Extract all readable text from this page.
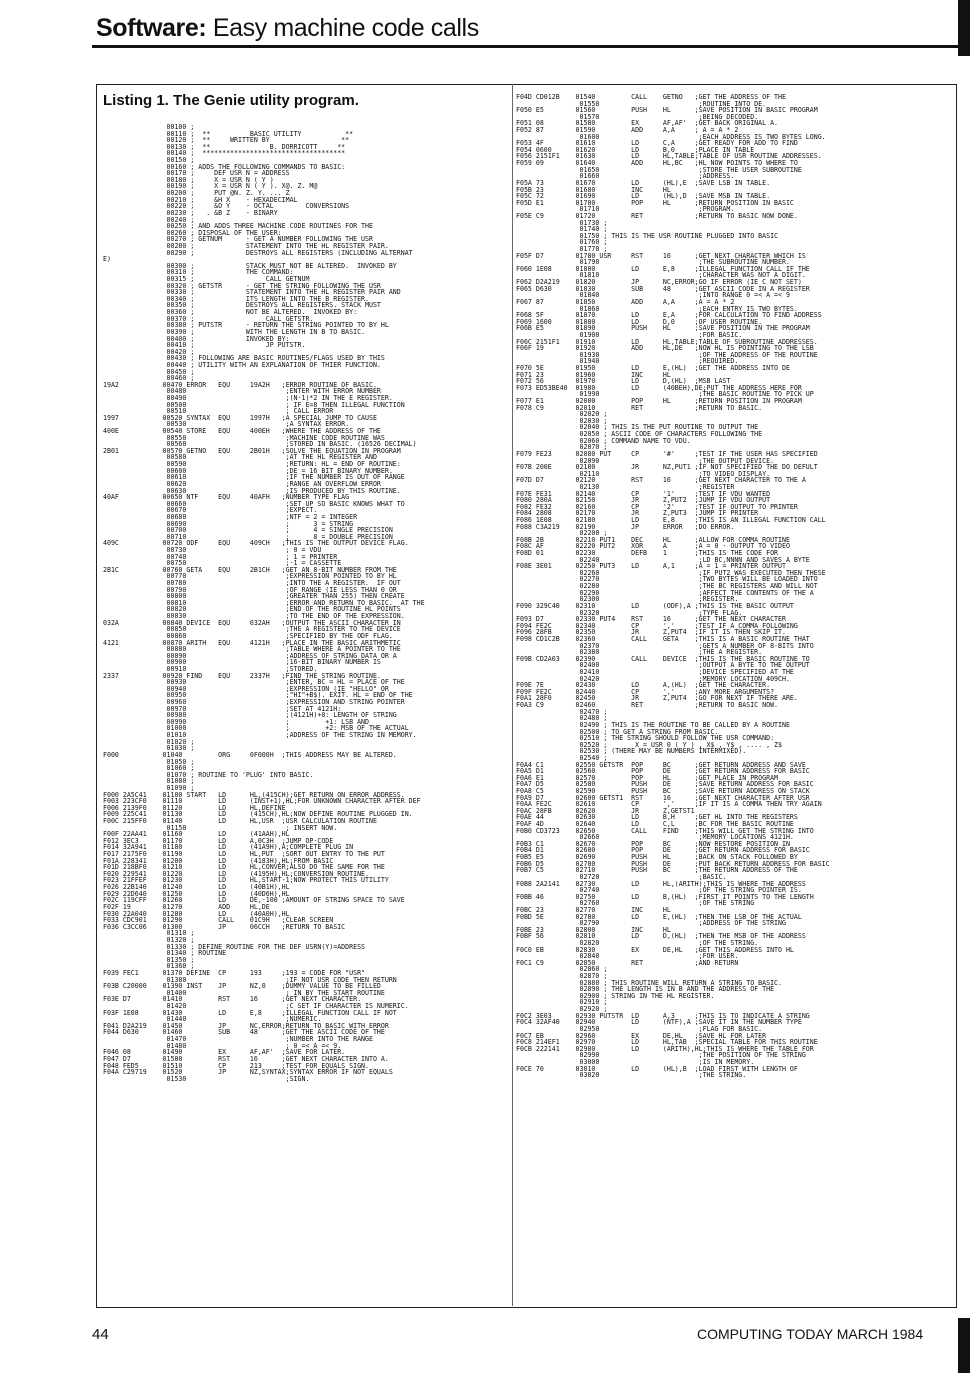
Software: Easy machine code calls
Listing 1. The Genie utility program.
00100 ;
00110 ;  **          BASIC UTILITY           **
00120 ;  **     WRITTEN BY                  **
00130 ;  **               B. DORRICOTT     **
00140 ;  ************************************
00150 ;
00160 ; ADDS THE FOLLOWING COMMANDS TO BASIC:
00170 ;     DEF USR N = ADDRESS
00180 ;     X = USR N ( Y )
00190 ;     X = USR N ( Y ). X@. Z. M@
00200 ;     PUT @N. Z. Y. ... Z
00210 ;     &H X    - HEXADECIMAL
00220 ;     &O Y    - OCTAL        CONVERSIONS
00230 ;   . &B Z    - BINARY
00240 ;
00250 ; AND ADDS THREE MACHINE CODE ROUTINES FOR THE
00260 ; DISPOSAL OF THE USER:
00270 ; GETNUM      - GET A NUMBER FOLLOWING THE USR
00280 ;             STATEMENT INTO THE HL REGISTER PAIR.
00290 ;             DESTROYS ALL REGISTERS (INCLUDING ALTERNAT
E)
00300 ;             STACK MUST NOT BE ALTERED.  INVOKED BY
00310 ;             THE COMMAND:
00315 ;                  CALL GETNUM
00320 ; GETSTR      - GET THE STRING FOLLOWING THE USR
00330 ;             STATEMENT INTO THE HL REGISTER PAIR AND
00340 ;             ITS LENGTH INTO THE B REGISTER.
00350 ;             DESTROYS ALL REGISTERS. STACK MUST
00360 ;             NOT BE ALTERED.  INVOKED BY:
00370 ;                  CALL GETSTR.
00380 ; PUTSTR      - RETURN THE STRING POINTED TO BY HL
00390 ;             WITH THE LENGTH IN B TO BASIC.
00400 ;             INVOKED BY:
00410 ;                  JP PUTSTR.
00420 ;
00430 ; FOLLOWING ARE BASIC ROUTINES/FLAGS USED BY THIS
00440 ; UTILITY WITH AN EXPLANATION OF THIER FUNCTION.
00450 ;
00460 ;
19A2           00470 ERROR   EQU     19A2H   ;ERROR ROUTINE OF BASIC.
00480                         ;ENTER WITH ERROR NUMBER
00490                         ;(N-1)*2 IN THE E REGISTER.
00500                         ; IF E=8 THEN ILLEGAL FUNCTION
00510                         ; CALL ERROR
1997           00520 SYNTAX  EQU     1997H   ;A SPECIAL JUMP TO CAUSE
00530                         ;A SYNTAX ERROR.
400E           00540 STORE   EQU     400EH   ;WHERE THE ADDRESS OF THE
00550                         ;MACHINE CODE ROUTINE WAS
00560                         ;STORED IN BASIC. (16526 DECIMAL)
2B01           00570 GETNO   EQU     2B01H   ;SOLVE THE EQUATION IN PROGRAM
00580                         ;AT THE HL REGISTER AND
00590                         ;RETURN: HL = END OF ROUTINE:
00600                         ;DE = 16 BIT BINARY NUMBER.
00610                         ;IF THE NUMBER IS OUT OF RANGE
00620                         ;RANGE AN OVERFLOW ERROR
00630                         ;IS PRODUCED BY THIS ROUTINE.
40AF           00650 NTF     EQU     40AFH   ;NUMBER TYPE FLAG
00660                         ;SET UP SO BASIC KNOWS WHAT TO
00670                         ;EXPECT.
00680                         ;NTF = 2 = INTEGER
00690                         ;      3 = STRING
00700                         ;      4 = SINGLE PRECISION
00710                         ;      8 = DOUBLE PRECISION
409C           00720 ODF     EQU     409CH   ;THIS IS THE OUTPUT DEVICE FLAG.
00730                         ; 0 = VDU
00740                         ; 1 = PRINTER
00750                         ;-1 = CASSETTE
2B1C           00760 GETA    EQU     2B1CH   ;GET AN 8-BIT NUMBER FROM THE
00770                         ;EXPRESSION POINTED TO BY HL
00780                         ;INTO THE A REGISTER.  IF OUT
00790                         ;OF RANGE (IE LESS THAN 0 OR
00800                         ;GREATER THAN 255) THEN CREATE
00810                         ;ERROR AND RETURN TO BASIC.  AT THE
00820                         ;END OF THE ROUTINE HL POINTS
00830                         ;TO THE END OF THE EXPRESSION.
032A           00840 DEVICE  EQU     032AH   ;OUTPUT THE ASCII CHARACTER IN
00850                         ;THE A REGISTER TO THE DEVICE
00860                         ;SPECIFIED BY THE ODF FLAG.
4121           00870 ARITH   EQU     4121H   ;PLACE IN THE BASIC ARITHMETIC
00880                         ;TABLE WHERE A POINTER TO THE
00890                         ;ADDRESS OF STRING DATA OR A
00900                         ;16-BIT BINARY NUMBER IS
00910                         ;STORED.
2337           00920 FIND    EQU     2337H   ;FIND THE STRING ROUTINE.
00930                         ;ENTER, BC = HL = PLACE OF THE
00940                         ;EXPRESSION (IE "HELLO" OR
00950                         ;"HI"+B$). EXIT. HL = END OF THE
00960                         ;EXPRESSION AND STRING POINTER
00970                         ;SET AT 4121H:
00980                         ;(4121H)+0: LENGTH OF STRING
00990                         ;         +1: LSB AND
01000                         ;         +2: MSB OF THE ACTUAL
01010                         ;ADDRESS OF THE STRING IN MEMORY.
01020 ;
01030 ;
F000           01040         ORG     0F000H  ;THIS ADDRESS MAY BE ALTERED.
01050 ;
01060 ;
01070 ; ROUTINE TO 'PLUG' INTO BASIC.
01080 ;
01090 ;
F000 2A5C41    01100 START   LD      HL,(415CH);GET RETURN ON ERROR ADDRESS.
F003 223CF0    01110         LD      (INST+1),HL;FOR UNKNOWN CHARACTER AFTER DEF
F006 2139F0    01120         LD      HL,DEFINE
F009 225C41    01130         LD      (415CH),HL;NOW DEFINE ROUTINE PLUGGED IN.
F00C 215FF0    01140         LD      HL,USR  ;USR CALCULATION ROUTINE
01150                         ; INSERT NOW.
F00F 22AA41    01160         LD      (41AAH),HL
F012 3EC3      01170         LD      A,0C3H  ;JUMP OP-CODE
F014 32A941    01180         LD      (41A9H),A;COMPLETE PLUG IN
F017 2175F0    01190         LD      HL,PUT  ;SORT OUT ENTRY TO THE PUT
F01A 228341    01200         LD      (4183H),HL;FROM BASIC
F01D 218BF0    01210         LD      HL,CONVER;ALSO DO THE SAME FOR THE
F020 229541    01220         LD      (4195H),HL;CONVERSION ROUTINE.
F023 21FFEF    01230         LD      HL,START-1;NOW PROTECT THIS UTILITY
F026 22B140    01240         LD      (40B1H),HL
F029 22D640    01250         LD      (40D6H),HL
F02C 119CFF    01260         LD      DE,-100 ;AMOUNT OF STRING SPACE TO SAVE
F02F 19        01270         ADD     HL,DE
F030 22A040    01280         LD      (40A0H),HL
F033 CDC901    01290         CALL    01C9H   ;CLEAR SCREEN
F036 C3CC06    01300         JP      06CCH   ;RETURN TO BASIC
01310 ;
01320 ;
01330 ; DEFINE ROUTINE FOR THE DEF USRN(Y)=ADDRESS
01340 ; ROUTINE
01350 ;
01360 ;
F039 FEC1      01370 DEFINE  CP      193     ;193 = CODE FOR "USR"
01380                         ;IF NOT USR CODE THEN RETURN
F03B C20000    01390 INST    JP      NZ,0    ;DUMMY VALUE TO BE FILLED
01400                         ; IN BY THE START ROUTINE
F03E D7        01410         RST     16      ;GET NEXT CHARACTER.
01420                         ;C SET IF CHARACTER IS NUMERIC.
F03F 1E08      01430         LD      E,8     ;ILLEGAL FUNCTION CALL IF NOT
01440                         ;NUMERIC.
F041 D2A219    01450         JP      NC,ERROR;RETURN TO BASIC WITH ERROR
F044 D630      01460         SUB     48      ;GET THE ASCII CODE OF THE
01470                         ;NUMBER INTO THE RANGE
01480                         ; 0 =< A =< 9.
F046 08        01490         EX      AF,AF'  ;SAVE FOR LATER.
F047 D7        01500         RST     16      ;GET NEXT CHARACTER INTO A.
F048 FED5      01510         CP      213     ;TEST FOR EQUALS SIGN.
F04A C29719    01520         JP      NZ,SYNTAX;SYNTAX ERROR IF NOT EQUALS
01530                         ;SIGN.
F04D CD012B    01540         CALL    GETNO   ;GET THE ADDRESS OF THE
01550                         ;ROUTINE INTO DE.
F050 E5        01560         PUSH    HL      ;SAVE POSITION IN BASIC PROGRAM
01570                         ;BEING DECODED.
F051 08        01580         EX      AF,AF'  ;GET BACK ORIGINAL A.
F052 87        01590         ADD     A,A     ; A = A * 2
01600                         ;EACH ADDRESS IS TWO BYTES LONG.
F053 4F        01610         LD      C,A     ;GET READY FOR ADD TO FIND
F054 0600      01620         LD      B,0     ;PLACE IN TABLE
F056 2151F1    01630         LD      HL,TABLE;TABLE OF USR ROUTINE ADDRESSES.
F059 09        01640         ADD     HL,BC   ;HL NOW POINTS TO WHERE TO
01650                         ;STORE THE USER SUBROUTINE
01660                         ;ADDRESS.
F05A 73        01670         LD      (HL),E  ;SAVE LSB IN TABLE.
F05B 23        01680         INC     HL
F05C 72        01690         LD      (HL),D  ;SAVE MSB IN TABLE.
F05D E1        01700         POP     HL      ;RETURN POSITION IN BASIC
01710                         ;PROGRAM.
F05E C9        01720         RET             ;RETURN TO BASIC NOW DONE.
01730 ;
01740 ;
01750 ; THIS IS THE USR ROUTINE PLUGGED INTO BASIC
01760 ;
01770 ;
F05F D7        01780 USR     RST     16      ;GET NEXT CHARACTER WHICH IS
01790                         ;THE SUBROUTINE NUMBER.
F060 1E08      01800         LD      E,8     ;ILLEGAL FUNCTION CALL IF THE
01810                         ;CHARACTER WAS NOT A DIGIT.
F062 D2A219    01820         JP      NC,ERROR;GO IF ERROR (IE C NOT SET)
F065 D630      01830         SUB     48      ;GET ASCII CODE IN A REGISTER
01840                         ;INTO RANGE 0 =< A =< 9
F067 87        01850         ADD     A,A     ;A = A * 2
01860                         ;EACH ENTRY IS TWO BYTES.
F068 5F        01870         LD      E,A     ;FOR CALCULATION TO FIND ADDRESS
F069 1600      01880         LD      D,0     ;OF USER ROUTINE.
F06B E5        01890         PUSH    HL      ;SAVE POSITION IN THE PROGRAM
01900                         ;FOR BASIC.
F06C 2151F1    01910         LD      HL,TABLE;TABLE OF SUBROUTINE ADDRESSES.
F06F 19        01920         ADD     HL,DE   ;NOW HL IS POINTING TO THE LSB
01930                         ;OF THE ADDRESS OF THE ROUTINE
01940                         ;REQUIRED.
F070 5E        01950         LD      E,(HL)  ;GET THE ADDRESS INTO DE
F071 23        01960         INC     HL
F072 56        01970         LD      D,(HL)  ;MSB LAST
F073 ED53BE40  01980         LD      (40BEH),DE;PUT THE ADDRESS HERE FOR
01990                         ;THE BASIC ROUTINE TO PICK UP
F077 E1        02000         POP     HL      ;RETURN POSITION IN PROGRAM
F078 C9        02010         RET             ;RETURN TO BASIC.
02020 ;
02030 ;
02040 ; THIS IS THE PUT ROUTINE TO OUTPUT THE
02050 ; ASCII CODE OF CHARACTERS FOLLOWING THE
02060 ; COMMAND NAME TO VDU.
02070 ;
F079 FE23      02080 PUT     CP      '#'     ;TEST IF THE USER HAS SPECIFIED
02090                         ;THE OUTPUT DEVICE.
F07B 200E      02100         JR      NZ,PUT1 ;IF NOT SPECIFIED THE DO DEFULT
02110                         ;TO VIDEO DISPLAY.
F07D D7        02120         RST     16      ;GET NEXT CHARACTER TO THE A
02130                         ;REGISTER
F07E FE31      02140         CP      '1'     ;TEST IF VDU WANTED
F080 280A      02150         JR      Z,PUT2  ;JUMP IF VDU OUTPUT
F082 FE32      02160         CP      '2'     ;TEST IF OUTPUT TO PRINTER
F084 2808      02170         JR      Z,PUT3  ;JUMP IF PRINTER
F086 1E08      02180         LD      E,8     ;THIS IS AN ILLEGAL FUNCTION CALL
F088 C3A219    02190         JP      ERROR   ;DO ERROR.
02200 ;
F08B 2B        02210 PUT1    DEC     HL      ;ALLOW FOR COMMA ROUTINE
F08C AF        02220 PUT2    XOR     A       ;A = 0 - OUTPUT TO VIDEO
F08D 01        02230         DEFB    1       ;THIS IS THE CODE FOR
02240                         ;LD BC,NNNN AND SAVES A BYTE
F08E 3E01      02250 PUT3    LD      A,1     ;A = 1 = PRINTER OUTPUT
02260                         ;IF PUT2 WAS EXECUTED THEN THESE
02270                         ;TWO BYTES WILL BE LOADED INTO
02280                         ;THE BC REGISTERS AND WILL NOT
02290                         ;AFFECT THE CONTENTS OF THE A
02300                         ;REGISTER.
F090 329C40    02310         LD      (ODF),A ;THIS IS THE BASIC OUTPUT
02320                         ;TYPE FLAG.
F093 D7        02330 PUT4    RST     16      ;GET THE NEXT CHARACTER
F094 FE2C      02340         CP      ','     ;TEST IF A COMMA FOLLOWING
F096 28FB      02350         JR      Z,PUT4  ;IF IT IS THEN SKIP IT.
F098 CD1C2B    02360         CALL    GETA    ;THIS IS A BASIC ROUTINE THAT
02370                         ;GETS A NUMBER OF 8-BITS INTO
02380                         ;THE A REGISTER.
F09B CD2A03    02390         CALL    DEVICE  ;THIS IS THE BASIC ROUTINE TO
02400                         ;OUTPUT A BYTE TO THE OUTPUT
02410                         ;DEVICE SPECIFIED AT THE
02420                         ;MEMORY LOCATION 409CH.
F09E 7E        02430         LD      A,(HL)  ;GET THE CHARACTER.
F09F FE2C      02440         CP      ','     ;ANY MORE ARGUMENTS?
F0A1 28F0      02450         JR      Z,PUT4  ;GO FOR NEXT IF THERE ARE.
F0A3 C9        02460         RET             ;RETURN TO BASIC NOW.
02470 ;
02480 ;
02490 ; THIS IS THE ROUTINE TO BE CALLED BY A ROUTINE
02500 ; TO GET A STRING FROM BASIC.
02510 ; THE STRING SHOULD FOLLOW THE USR COMMAND:
02520 ;       X = USR 0 ( Y ) , X$ , Y$ , .... , Z$
02530 ; (THERE MAY BE NUMBERS INTERMIXED).
02540 ;
F0A4 C1        02550 GETSTR  POP     BC      ;GET RETURN ADDRESS AND SAVE
F0A5 D1        02560         POP     DE      ;GET RETURN ADDRESS FOR BASIC
F0A6 E1        02570         POP     HL      ;GET PLACE IN PROGRAM
F0A7 D5        02580         PUSH    DE      ;SAVE RETURN ADDRESS FOR BASIC
F0A8 C5        02590         PUSH    BC      ;SAVE RETURN ADDRESS ON STACK
F0A9 D7        02600 GETST1  RST     16      ;GET NEXT CHARACTER AFTER USR
F0AA FE2C      02610         CP      ','     ;IF IT IS A COMMA THEN TRY AGAIN
F0AC 28FB      02620         JR      Z,GETST1
F0AE 44        02630         LD      B,H     ;GET HL INTO THE REGISTERS
F0AF 4D        02640         LD      C,L     ;BC FOR THE BASIC ROUTINE
F0B0 CD3723    02650         CALL    FIND    ;THIS WILL GET THE STRING INTO
02660                         ;MEMORY LOCATIONS 4121H.
F0B3 C1        02670         POP     BC      ;NOW RESTORE POSITION IN
F0B4 D1        02680         POP     DE      ;GET RETURN ADDRESS FOR BASIC
F0B5 E5        02690         PUSH    HL      ;BACK ON STACK FOLLOWED BY
F0B6 D5        02700         PUSH    DE      ;PUT BACK RETURN ADDRESS FOR BASIC
F0B7 C5        02710         PUSH    BC      ;THE RETURN ADDRESS OF THE
02720                         ;BASIC.
F0B8 2A2141    02730         LD      HL,(ARITH);THIS IS WHERE THE ADDRESS
02740                         ;OF THE STRING POINTER IS.
F0BB 46        02750         LD      B,(HL)  ;FIRST IT POINTS TO THE LENGTH
02760                         ;OF THE STRING
F0BC 23        02770         INC     HL
F0BD 5E        02780         LD      E,(HL)  ;THEN THE LSB OF THE ACTUAL
02790                         ;ADDRESS OF THE STRING
F0BE 23        02800         INC     HL
F0BF 56        02810         LD      D,(HL)  ;THEN THE MSB OF THE ADDRESS
02820                         ;OF THE STRING.
F0C0 EB        02830         EX      DE,HL   ;GET THIS ADDRESS INTO HL
02840                         ;FOR USER.
F0C1 C9        02850         RET             ;AND RETURN
02860 ;
02870 ;
02880 ; THIS ROUTINE WILL RETURN A STRING TO BASIC.
02890 ; THE LENGTH IS IN B AND THE ADDRESS OF THE
02900 ; STRING IN THE HL REGISTER.
02910 ;
02920 ;
F0C2 3E03      02930 PUTSTR  LD      A,3     ;THIS IS TO INDICATE A STRING
F0C4 32AF40    02940         LD      (NTF),A ;SAVE IT IN THE NUMBER TYPE
02950                         ;FLAG FOR BASIC.
F0C7 EB        02960         EX      DE,HL   ;SAVE HL FOR LATER
F0C8 214EF1    02970         LD      HL,TAB  ;SPECIAL TABLE FOR THIS ROUTINE
F0CB 222141    02980         LD      (ARITH),HL;THIS IS WHERE THE TABLE FOR
02990                         ;THE POSITION OF THE STRING
03000                         ;IS IN MEMORY.
F0CE 70        03010         LD      (HL),B  ;LOAD FIRST WITH LENGTH OF
03020                         ;THE STRING.
44	COMPUTING TODAY MARCH 1984
